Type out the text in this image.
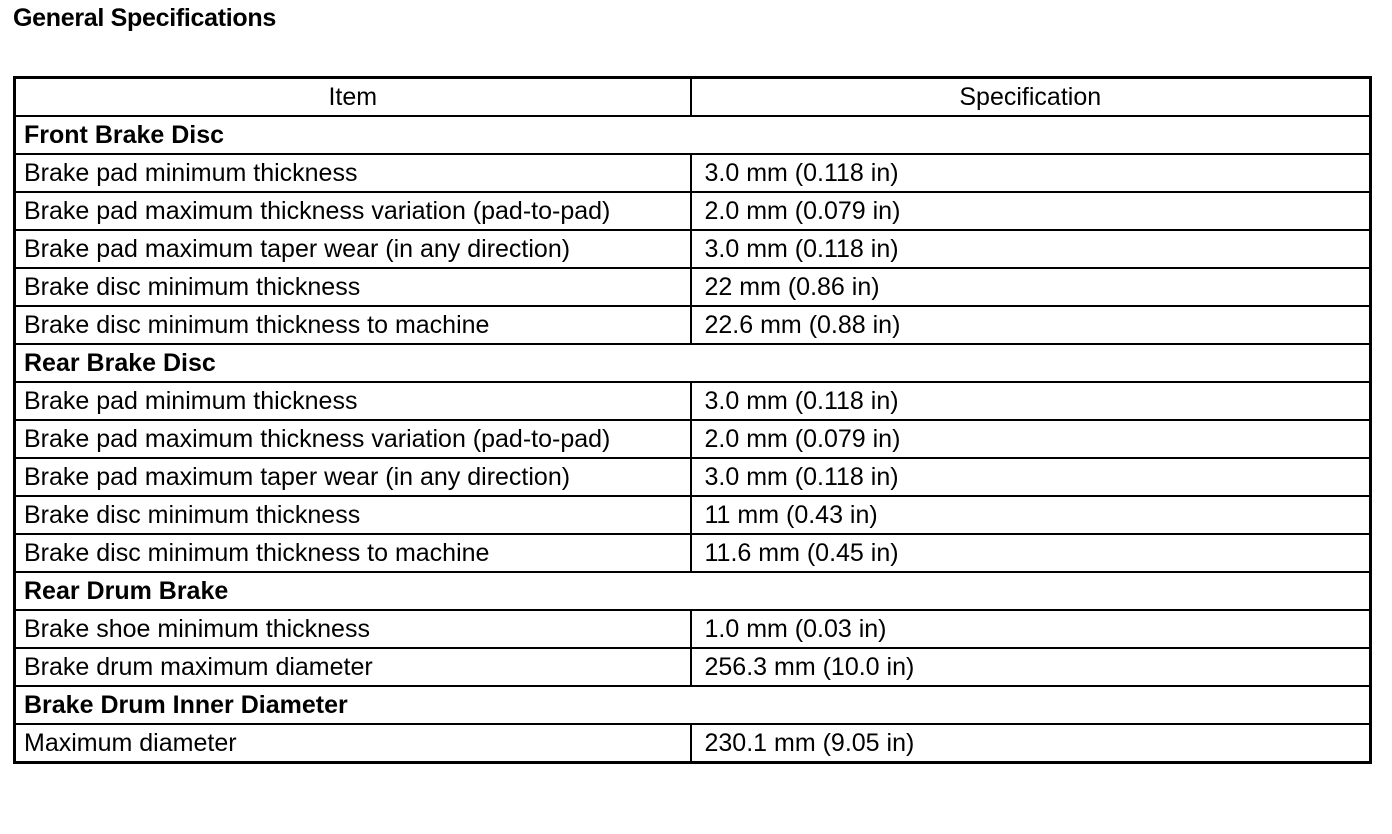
General Specifications
Item	Specification
Front Brake Disc	
Brake pad minimum thickness	3.0 mm (0.118 in)
Brake pad maximum thickness variation (pad-to-pad)	2.0 mm (0.079 in)
Brake pad maximum taper wear (in any direction)	3.0 mm (0.118 in)
Brake disc minimum thickness	22 mm (0.86 in)
Brake disc minimum thickness to machine	22.6 mm (0.88 in)
Rear Brake Disc	
Brake pad minimum thickness	3.0 mm (0.118 in)
Brake pad maximum thickness variation (pad-to-pad)	2.0 mm (0.079 in)
Brake pad maximum taper wear (in any direction)	3.0 mm (0.118 in)
Brake disc minimum thickness	11 mm (0.43 in)
Brake disc minimum thickness to machine	11.6 mm (0.45 in)
Rear Drum Brake	
Brake shoe minimum thickness	1.0 mm (0.03 in)
Brake drum maximum diameter	256.3 mm (10.0 in)
Brake Drum Inner Diameter	
Maximum diameter	230.1 mm (9.05 in)
